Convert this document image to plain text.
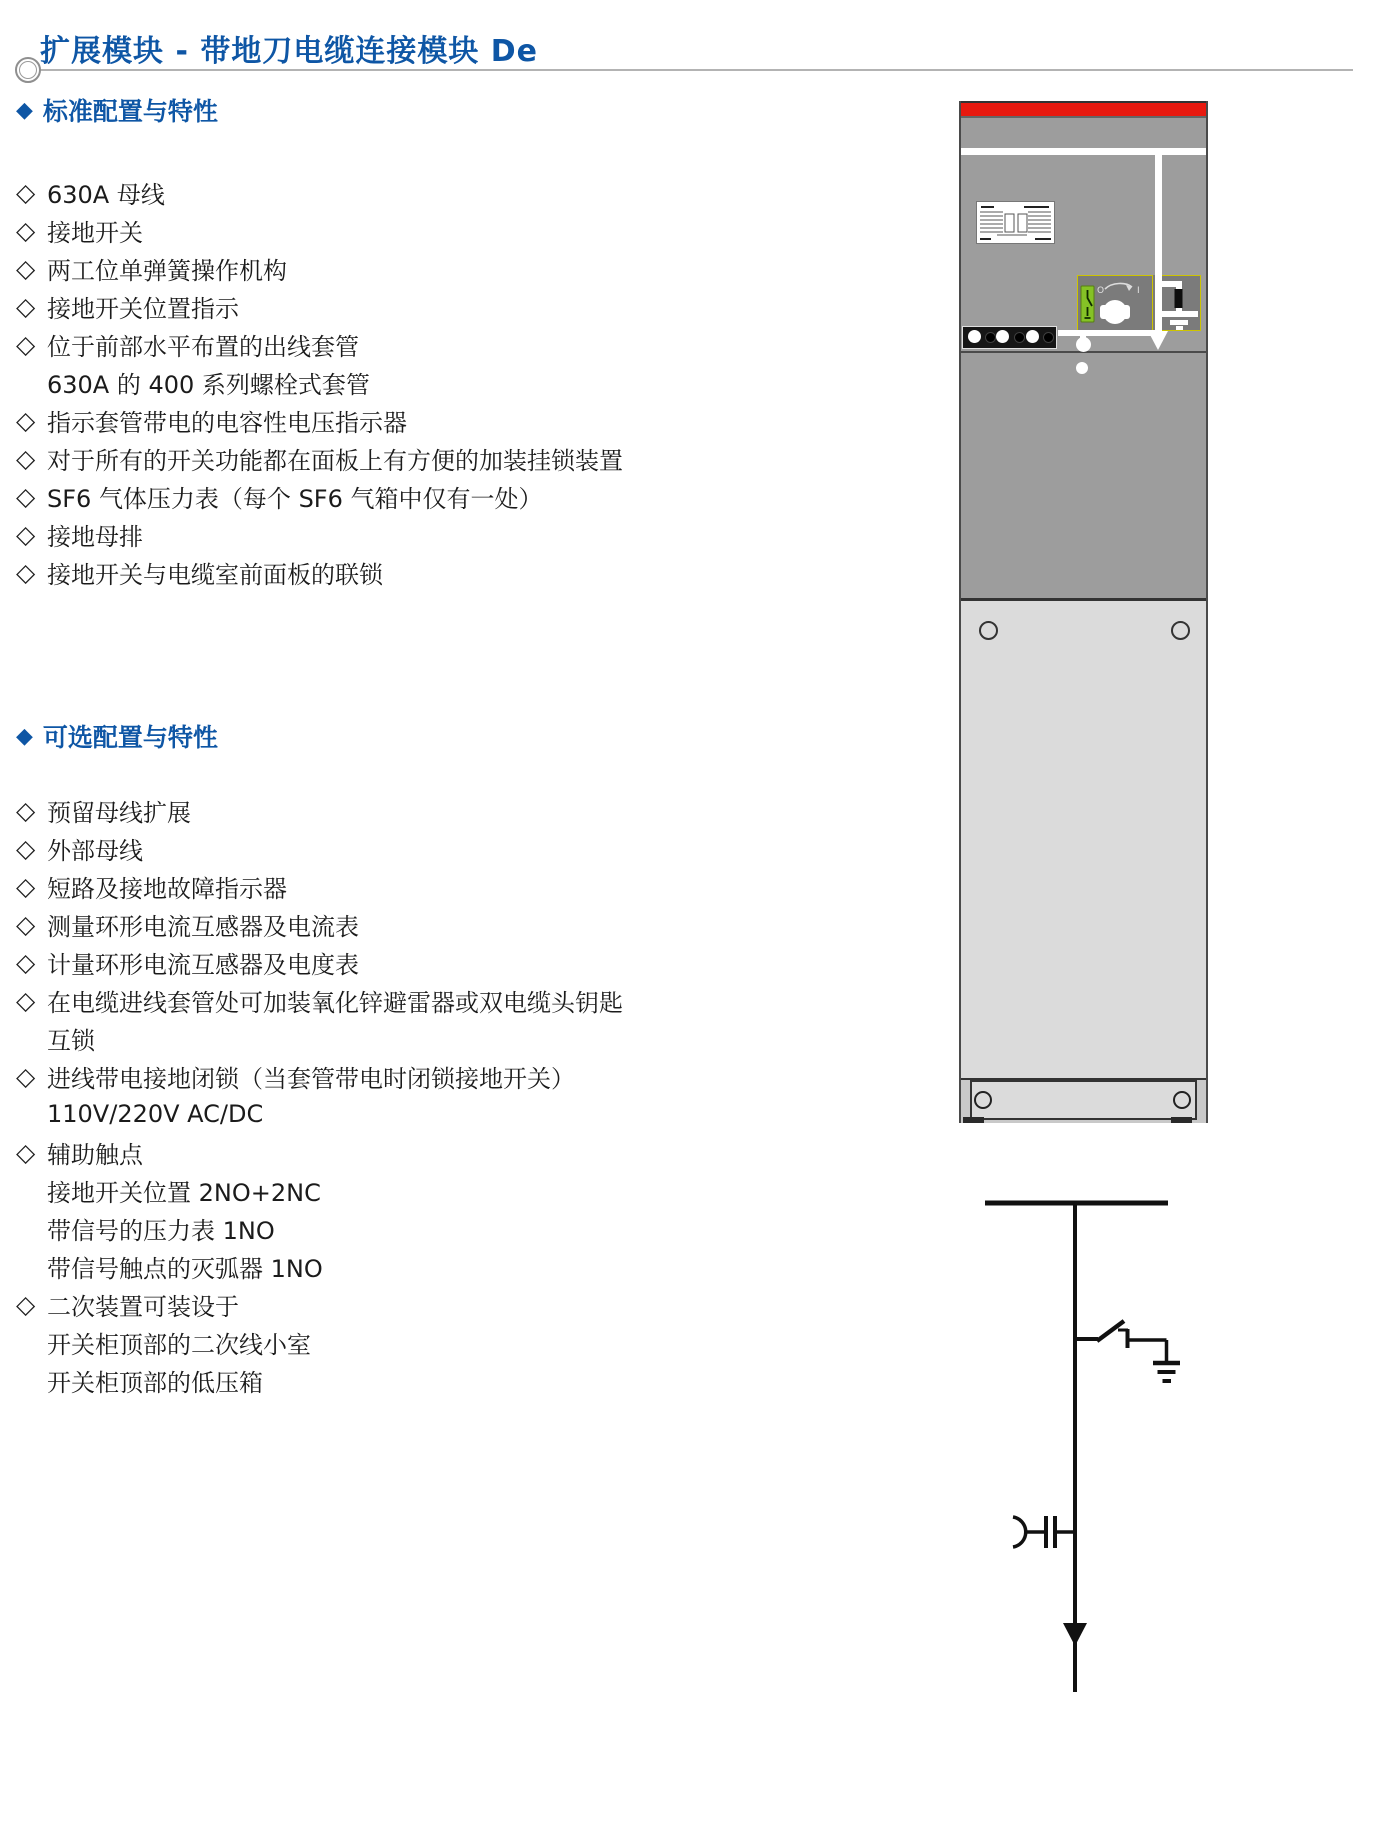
扩展模块 - 带地刀电缆连接模块 De
◆ 标准配置与特性
◇ 630A 母线
◇ 接地开关
◇ 两工位单弹簧操作机构
◇ 接地开关位置指示
◇ 位于前部水平布置的出线套管
630A 的 400 系列螺栓式套管
◇ 指示套管带电的电容性电压指示器
◇ 对于所有的开关功能都在面板上有方便的加装挂锁装置
◇ SF6 气体压力表（每个 SF6 气箱中仅有一处）
◇ 接地母排
◇ 接地开关与电缆室前面板的联锁
◆ 可选配置与特性
◇ 预留母线扩展
◇ 外部母线
◇ 短路及接地故障指示器
◇ 测量环形电流互感器及电流表
◇ 计量环形电流互感器及电度表
◇ 在电缆进线套管处可加装氧化锌避雷器或双电缆头钥匙
互锁
◇ 进线带电接地闭锁（当套管带电时闭锁接地开关）
110V/220V AC/DC
◇ 辅助触点
接地开关位置 2NO+2NC
带信号的压力表 1NO
带信号触点的灭弧器 1NO
◇ 二次装置可装设于
开关柜顶部的二次线小室
开关柜顶部的低压箱
O	I
